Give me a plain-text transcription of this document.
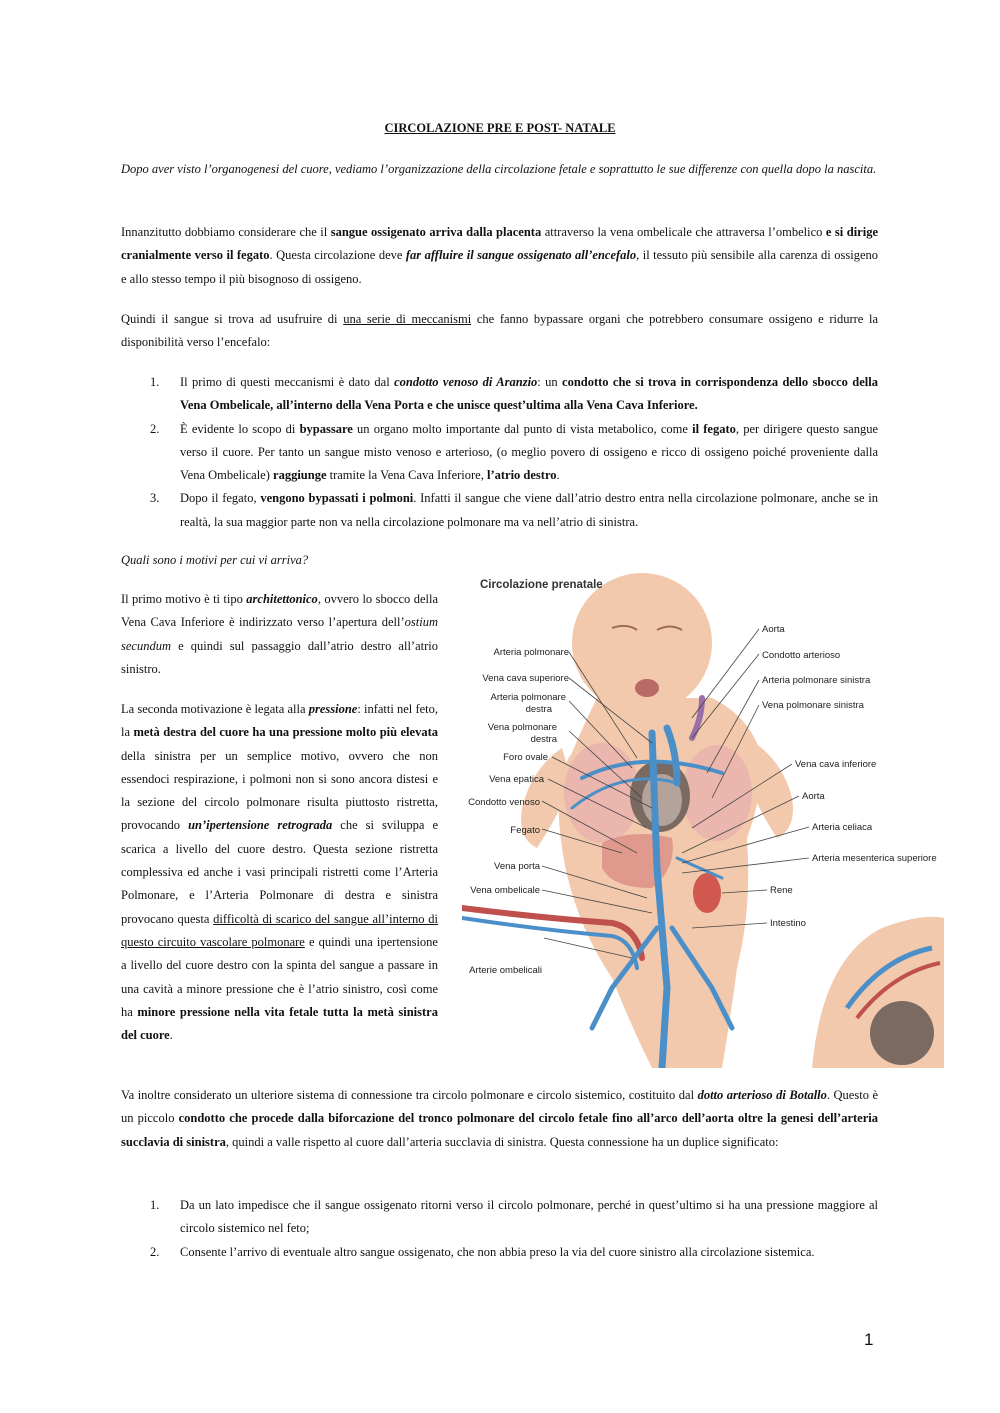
CIRCOLAZIONE PRE E POST- NATALE
Dopo aver visto l’organogenesi del cuore, vediamo l’organizzazione della circolazione fetale e soprattutto le sue differenze con quella dopo la nascita.
Innanzitutto dobbiamo considerare che il sangue ossigenato arriva dalla placenta attraverso la vena ombelicale che attraversa l’ombelico e si dirige cranialmente verso il fegato. Questa circolazione deve far affluire il sangue ossigenato all’encefalo, il tessuto più sensibile alla carenza di ossigeno e allo stesso tempo il più bisognoso di ossigeno.
Quindi il sangue si trova ad usufruire di una serie di meccanismi che fanno bypassare organi che potrebbero consumare ossigeno e ridurre la disponibilità verso l’encefalo:
1.	Il primo di questi meccanismi è dato dal condotto venoso di Aranzio: un condotto che si trova in corrispondenza dello sbocco della Vena Ombelicale, all’interno della Vena Porta e che unisce quest’ultima alla Vena Cava Inferiore.
2.	È evidente lo scopo di bypassare un organo molto importante dal punto di vista metabolico, come il fegato, per dirigere questo sangue verso il cuore. Per tanto un sangue misto venoso e arterioso, (o meglio povero di ossigeno e ricco di ossigeno poiché proveniente dalla Vena Ombelicale) raggiunge tramite la Vena Cava Inferiore, l’atrio destro.
3.	Dopo il fegato, vengono bypassati i polmoni. Infatti il sangue che viene dall’atrio destro entra nella circolazione polmonare, anche se in realtà, la sua maggior parte non va nella circolazione polmonare ma va nell’atrio di sinistra.
Quali sono i motivi per cui vi arriva?
Il primo motivo è ti tipo architettonico, ovvero lo sbocco della Vena Cava Inferiore è indirizzato verso l’apertura dell’ostium secundum e quindi sul passaggio dall’atrio destro all’atrio sinistro.
La seconda motivazione è legata alla pressione: infatti nel feto, la metà destra del cuore ha una pressione molto più elevata della sinistra per un semplice motivo, ovvero che non essendoci respirazione, i polmoni non si sono ancora distesi e la sezione del circolo polmonare risulta piuttosto ristretta, provocando un’ipertensione retrograda che si sviluppa e scarica a livello del cuore destro. Questa sezione ristretta complessiva ed anche i vasi principali ristretti come l’Arteria Polmonare, e l’Arteria Polmonare di destra e sinistra provocano questa difficoltà di scarico del sangue all’interno di questo circuito vascolare polmonare e quindi una ipertensione a livello del cuore destro con la spinta del sangue a passare in una cavità a minore pressione che è l’atrio sinistro, così come ha minore pressione nella vita fetale tutta la metà sinistra del cuore.
Circolazione prenatale
Arteria polmonare
Vena cava superiore
Arteria polmonare
destra
Vena polmonare
destra
Foro ovale
Vena epatica
Condotto venoso
Fegato
Vena porta
Vena ombelicale
Arterie ombelicali
Aorta
Condotto arterioso
Arteria polmonare sinistra
Vena polmonare sinistra
Vena cava inferiore
Aorta
Arteria celiaca
Arteria mesenterica superiore
Rene
Intestino
Va inoltre considerato un ulteriore sistema di connessione tra circolo polmonare e circolo sistemico, costituito dal dotto arterioso di Botallo. Questo è un piccolo condotto che procede dalla biforcazione del tronco polmonare del circolo fetale fino all’arco dell’aorta oltre la genesi dell’arteria succlavia di sinistra, quindi a valle rispetto al cuore dall’arteria succlavia di sinistra. Questa connessione ha un duplice significato:
1.	Da un lato impedisce che il sangue ossigenato ritorni verso il circolo polmonare, perché in quest’ultimo si ha una pressione maggiore al circolo sistemico nel feto;
2.	Consente l’arrivo di eventuale altro sangue ossigenato, che non abbia preso la via del cuore sinistro alla circolazione sistemica.
1
